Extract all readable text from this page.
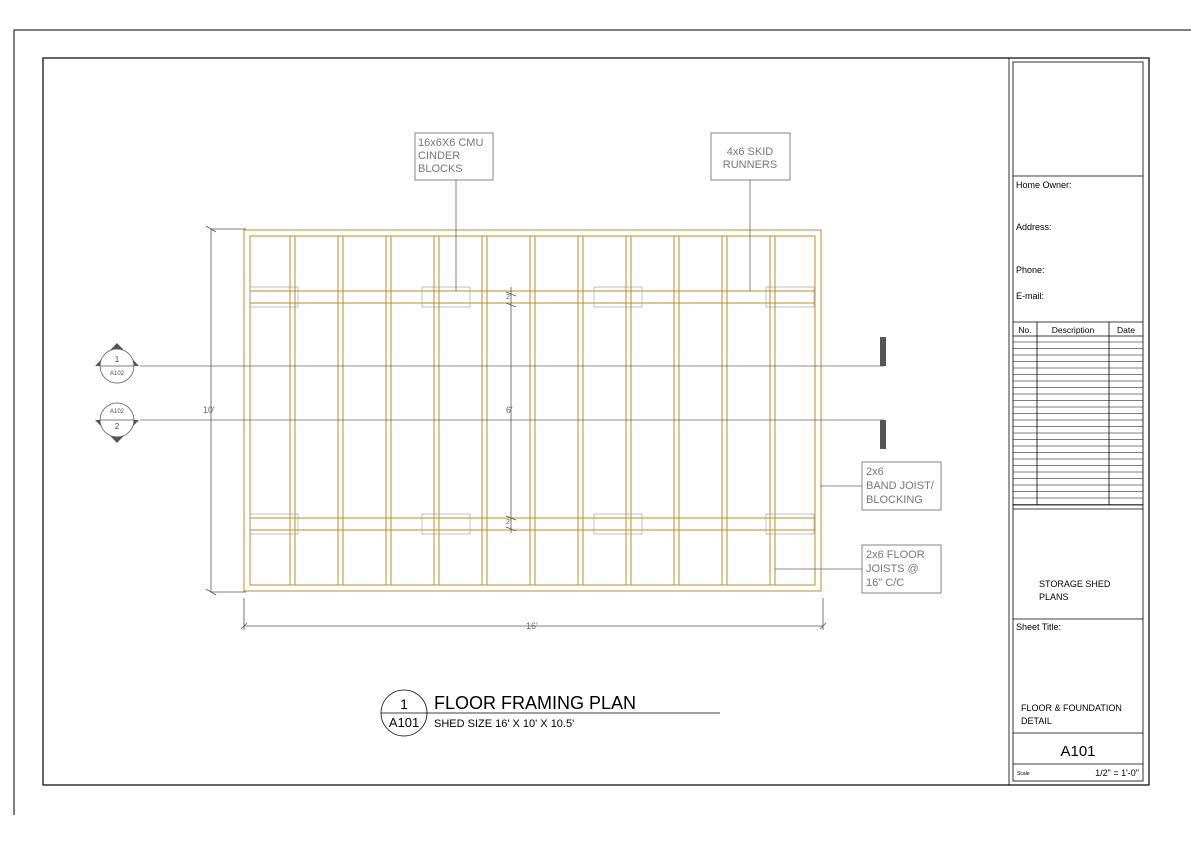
10'
16'
6'
2'
2'
1
A102
A102
2
16x6X6 CMU
CINDER
BLOCKS
4x6 SKID
RUNNERS
2x6
BAND JOIST/
BLOCKING
2x6 FLOOR
JOISTS @
16" C/C
1
A101
FLOOR FRAMING PLAN
SHED SIZE 16' X 10' X 10.5'
Home Owner:
Address:
Phone:
E-mail:
No. Description	Date
STORAGE SHED
PLANS
Sheet Title:
FLOOR & FOUNDATION
DETAIL
A101
Scale	1/2" = 1'-0"
